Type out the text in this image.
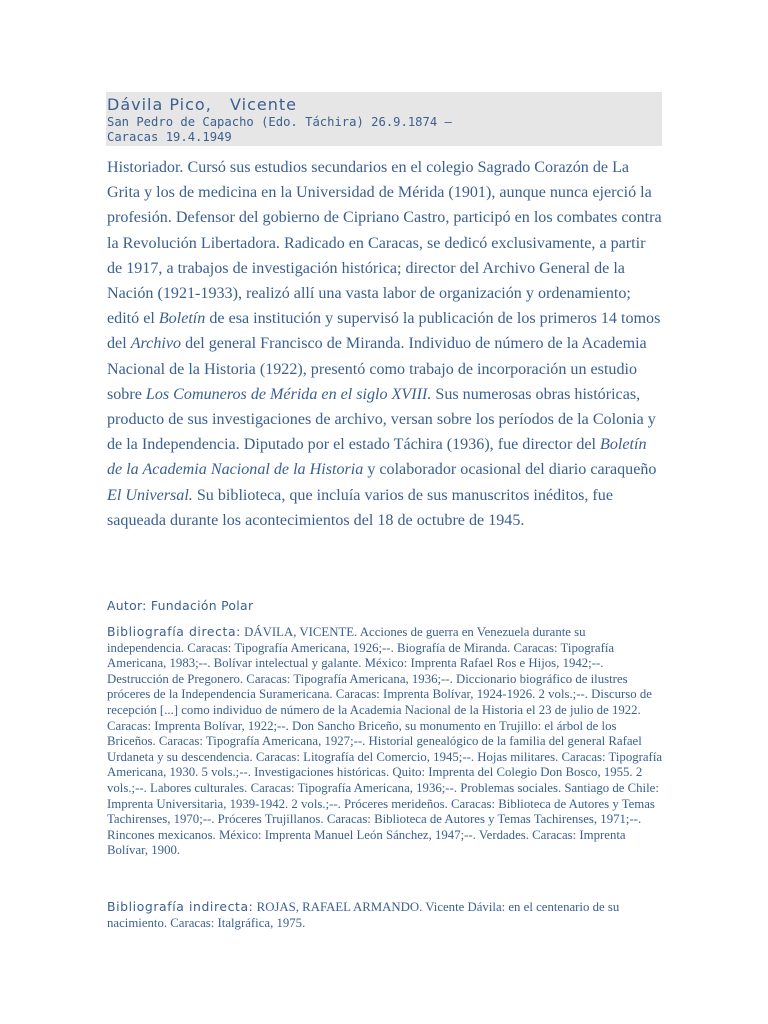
Dávila Pico,   Vicente
San Pedro de Capacho (Edo. Táchira) 26.9.1874 —
Caracas 19.4.1949

Historiador. Cursó sus estudios secundarios en el colegio Sagrado Corazón de La Grita y los de medicina en la Universidad de Mérida (1901), aunque nunca ejerció la profesión. Defensor del gobierno de Cipriano Castro, participó en los combates contra la Revolución Libertadora. Radicado en Caracas, se dedicó exclusivamente, a partir de 1917, a trabajos de investigación histórica; director del Archivo General de la Nación (1921-1933), realizó allí una vasta labor de organización y ordenamiento; editó el Boletín de esa institución y supervisó la publicación de los primeros 14 tomos del Archivo del general Francisco de Miranda. Individuo de número de la Academia Nacional de la Historia (1922), presentó como trabajo de incorporación un estudio sobre Los Comuneros de Mérida en el siglo XVIII. Sus numerosas obras históricas, producto de sus investigaciones de archivo, versan sobre los períodos de la Colonia y de la Independencia. Diputado por el estado Táchira (1936), fue director del Boletín de la Academia Nacional de la Historia y colaborador ocasional del diario caraqueño El Universal. Su biblioteca, que incluía varios de sus manuscritos inéditos, fue saqueada durante los acontecimientos del 18 de octubre de 1945.

Autor: Fundación Polar

Bibliografía directa: DÁVILA, VICENTE. Acciones de guerra en Venezuela durante su independencia. Caracas: Tipografía Americana, 1926;--. Biografía de Miranda. Caracas: Tipografía Americana, 1983;--. Bolívar intelectual y galante. México: Imprenta Rafael Ros e Hijos, 1942;--. Destrucción de Pregonero. Caracas: Tipografía Americana, 1936;--. Diccionario biográfico de ilustres próceres de la Independencia Suramericana. Caracas: Imprenta Bolívar, 1924-1926. 2 vols.;--. Discurso de recepción [...] como individuo de número de la Academia Nacional de la Historia el 23 de julio de 1922. Caracas: Imprenta Bolívar, 1922;--. Don Sancho Briceño, su monumento en Trujillo: el árbol de los Briceños. Caracas: Tipografía Americana, 1927;--. Historial genealógico de la familia del general Rafael Urdaneta y su descendencia. Caracas: Litografía del Comercio, 1945;--. Hojas militares. Caracas: Tipografía Americana, 1930. 5 vols.;--. Investigaciones históricas. Quito: Imprenta del Colegio Don Bosco, 1955. 2 vols.;--. Labores culturales. Caracas: Tipografía Americana, 1936;--. Problemas sociales. Santiago de Chile: Imprenta Universitaria, 1939-1942. 2 vols.;--. Próceres merideños. Caracas: Biblioteca de Autores y Temas Tachirenses, 1970;--. Próceres Trujillanos. Caracas: Biblioteca de Autores y Temas Tachirenses, 1971;--. Rincones mexicanos. México: Imprenta Manuel León Sánchez, 1947;--. Verdades. Caracas: Imprenta Bolívar, 1900.

Bibliografía indirecta: ROJAS, RAFAEL ARMANDO. Vicente Dávila: en el centenario de su nacimiento. Caracas: Italgráfica, 1975.
